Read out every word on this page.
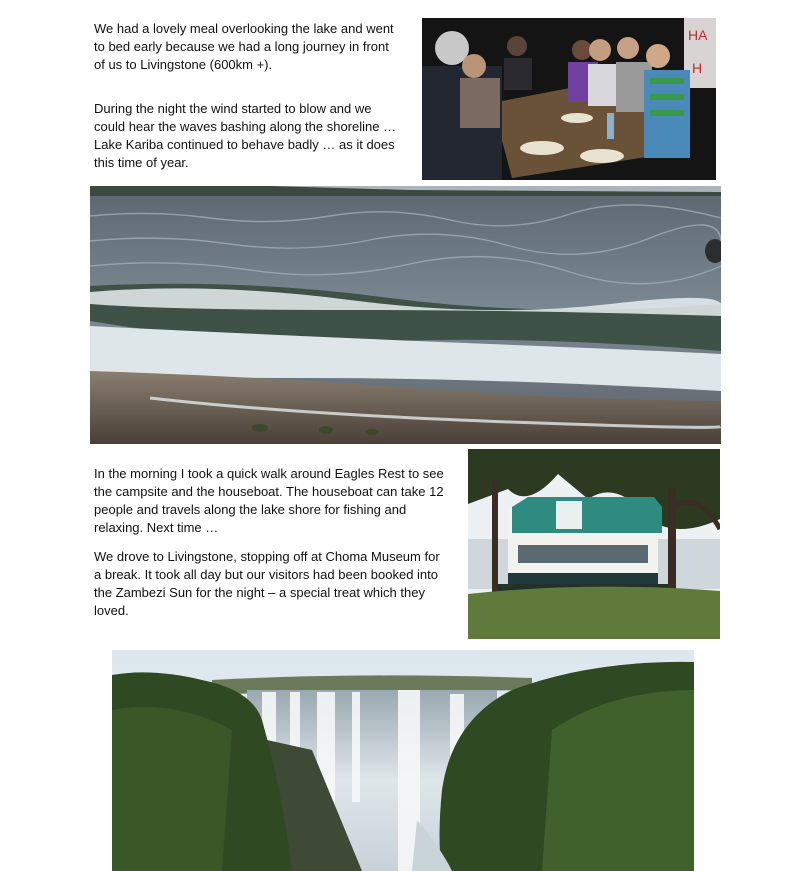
We had a lovely meal overlooking the lake and went
to bed early because we had a long journey in front
of us to Livingstone (600km +).

During the night the wind started to blow and we
could hear the waves bashing along the shoreline …
Lake Kariba continued to behave badly … as it does
this time of year.

HA
H

In the morning I took a quick walk around Eagles Rest to see
the campsite and the houseboat. The houseboat can take 12
people and travels along the lake shore for fishing and
relaxing. Next time …

We drove to Livingstone, stopping off at Choma Museum for
a break. It took all day but our visitors had been booked into
the Zambezi Sun for the night – a special treat which they
loved.
